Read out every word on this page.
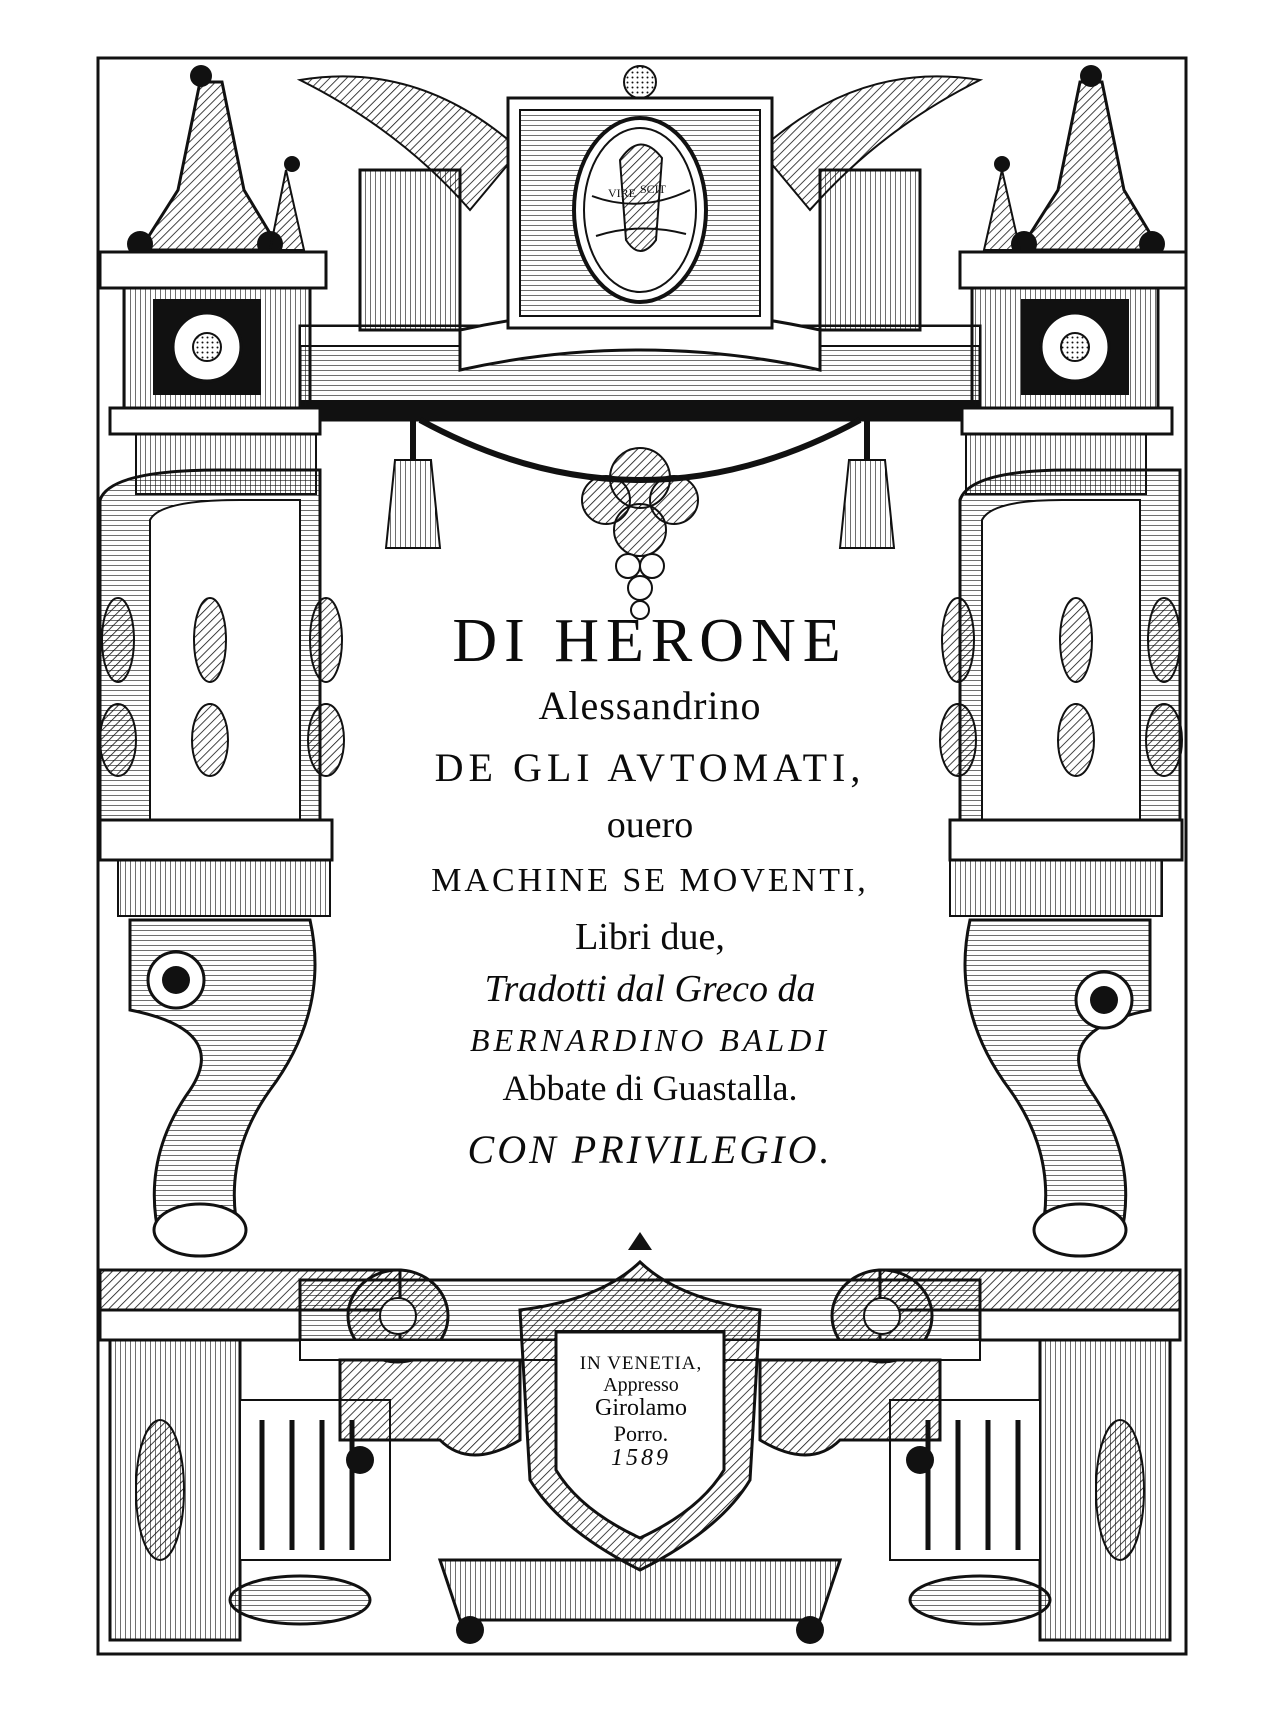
VIRE SCIT
DI HERONE
Alessandrino
DE GLI AVTOMATI,
ouero
MACHINE SE MOVENTI,
Libri due,
Tradotti dal Greco da
BERNARDINO BALDI
Abbate di Guastalla.
CON PRIVILEGIO.
IN VENETIA,
Appresso
Girolamo
Porro.
1589
